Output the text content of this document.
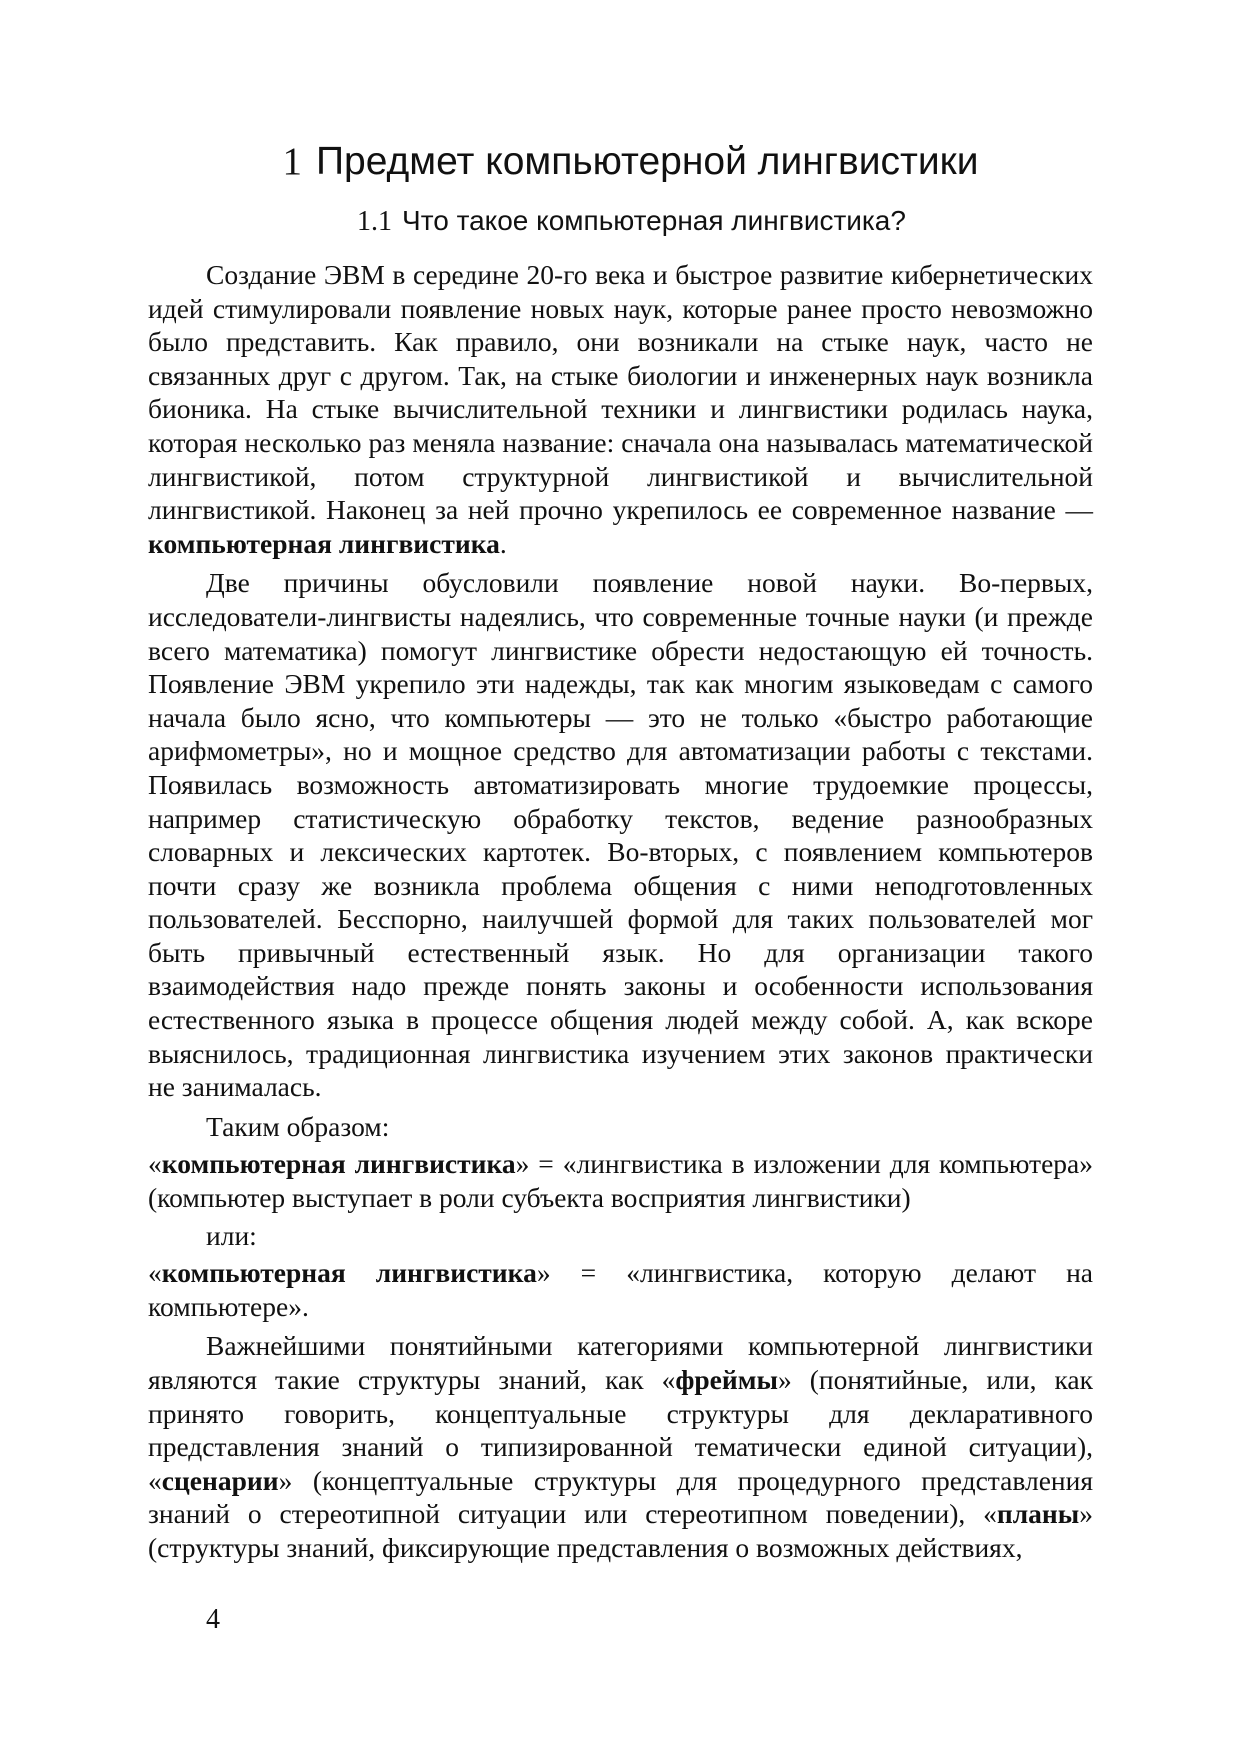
1 Предмет компьютерной лингвистики
1.1 Что такое компьютерная лингвистика?

Создание ЭВМ в середине 20-го века и быстрое развитие кибернетических идей стимулировали появление новых наук, которые ранее просто невозможно было представить. Как правило, они возникали на стыке наук, часто не связанных друг с другом. Так, на стыке биологии и инженерных наук возникла бионика. На стыке вычислительной техники и лингвистики родилась наука, которая несколько раз меняла название: сначала она называлась математической лингвистикой, потом структурной лингвистикой и вычислительной лингвистикой. Наконец за ней прочно укрепилось ее современное название — компьютерная лингвистика.

Две причины обусловили появление новой науки. Во-первых, исследователи-лингвисты надеялись, что современные точные науки (и прежде всего математика) помогут лингвистике обрести недостающую ей точность. Появление ЭВМ укрепило эти надежды, так как многим языковедам с самого начала было ясно, что компьютеры — это не только «быстро работающие арифмометры», но и мощное средство для автоматизации работы с текстами. Появилась возможность автоматизировать многие трудоемкие процессы, например статистическую обработку текстов, ведение разнообразных словарных и лексических картотек. Во-вторых, с появлением компьютеров почти сразу же возникла проблема общения с ними неподготовленных пользователей. Бесспорно, наилучшей формой для таких пользователей мог быть привычный естественный язык. Но для организации такого взаимодействия надо прежде понять законы и особенности использования естественного языка в процессе общения людей между собой. А, как вскоре выяснилось, традиционная лингвистика изучением этих законов практически не занималась.

Таким образом:

«компьютерная лингвистика» = «лингвистика в изложении для компьютера» (компьютер выступает в роли субъекта восприятия лингвистики)

или:

«компьютерная лингвистика» = «лингвистика, которую делают на компьютере».

Важнейшими понятийными категориями компьютерной лингвистики являются такие структуры знаний, как «фреймы» (понятийные, или, как принято говорить, концептуальные структуры для декларативного представления знаний о типизированной тематически единой ситуации), «сценарии» (концептуальные структуры для процедурного представления знаний о стереотипной ситуации или стереотипном поведении), «планы» (структуры знаний, фиксирующие представления о возможных действиях,

4
